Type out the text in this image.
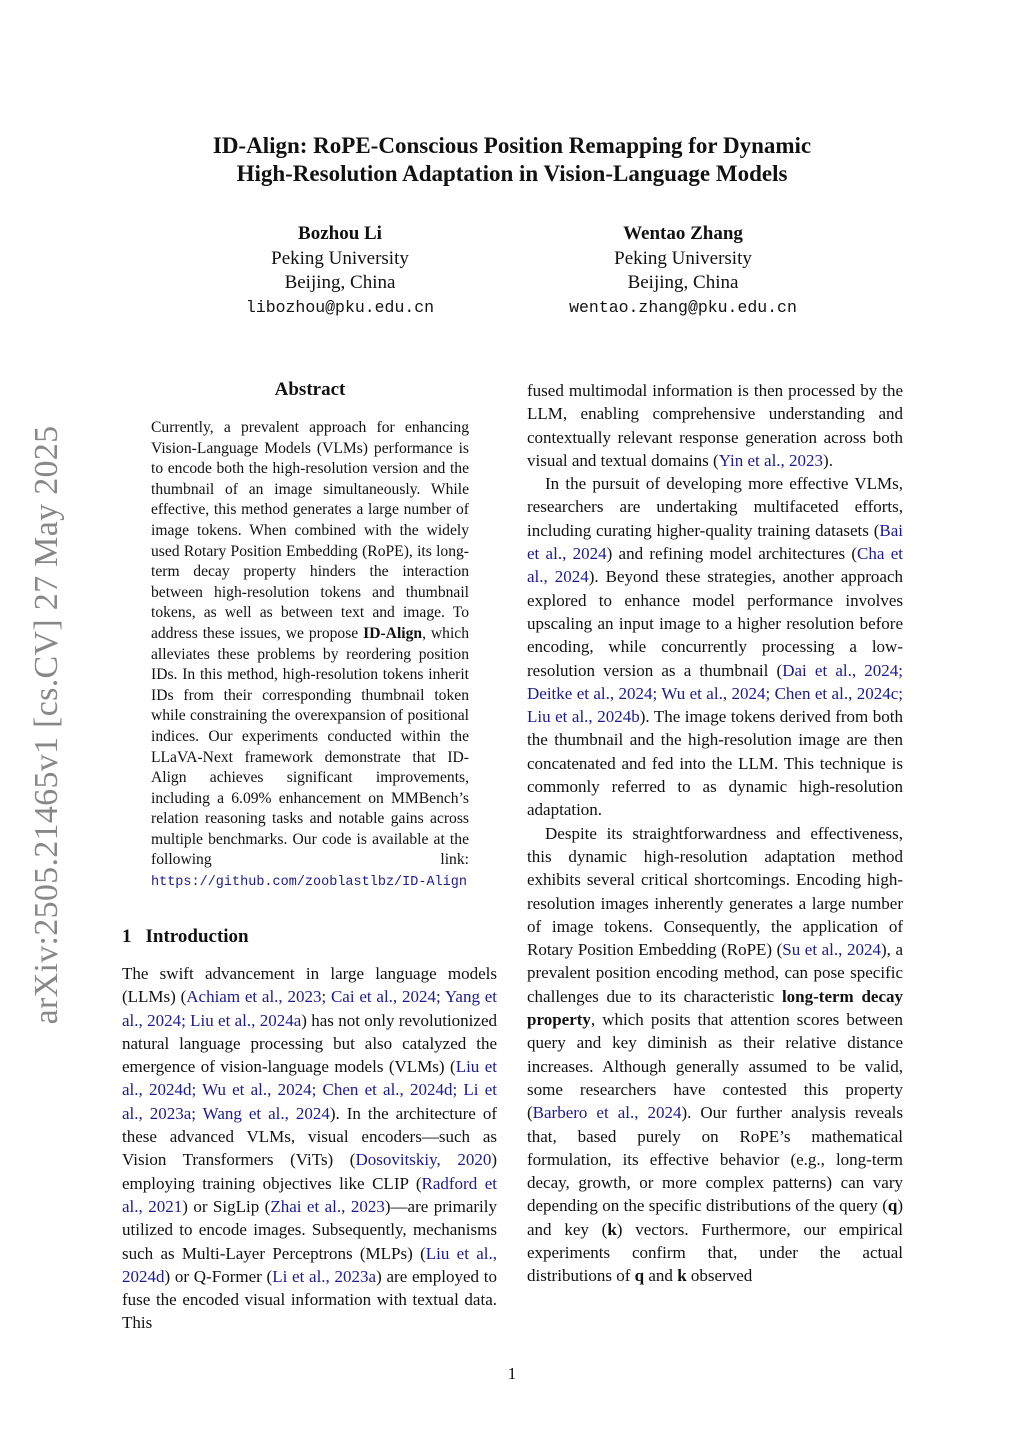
arXiv:2505.21465v1 [cs.CV] 27 May 2025
ID-Align: RoPE-Conscious Position Remapping for Dynamic
High-Resolution Adaptation in Vision-Language Models
Bozhou Li
Peking University
Beijing, China
libozhou@pku.edu.cn
Wentao Zhang
Peking University
Beijing, China
wentao.zhang@pku.edu.cn
Abstract
Currently, a prevalent approach for enhancing Vision-Language Models (VLMs) performance is to encode both the high-resolution version and the thumbnail of an image simultaneously. While effective, this method generates a large number of image tokens. When combined with the widely used Rotary Position Embedding (RoPE), its long-term decay property hinders the interaction between high-resolution tokens and thumbnail tokens, as well as between text and image. To address these issues, we propose ID-Align, which alleviates these problems by reordering position IDs. In this method, high-resolution tokens inherit IDs from their corresponding thumbnail token while constraining the overexpansion of positional indices. Our experiments conducted within the LLaVA-Next framework demonstrate that ID-Align achieves significant improvements, including a 6.09% enhancement on MMBench’s relation reasoning tasks and notable gains across multiple benchmarks. Our code is available at the following link: https://github.com/zooblastlbz/ID-Align
1 Introduction

The swift advancement in large language models (LLMs) (Achiam et al., 2023; Cai et al., 2024; Yang et al., 2024; Liu et al., 2024a) has not only revolutionized natural language processing but also catalyzed the emergence of vision-language models (VLMs) (Liu et al., 2024d; Wu et al., 2024; Chen et al., 2024d; Li et al., 2023a; Wang et al., 2024). In the architecture of these advanced VLMs, visual encoders—such as Vision Transformers (ViTs) (Dosovitskiy, 2020) employing training objectives like CLIP (Radford et al., 2021) or SigLip (Zhai et al., 2023)—are primarily utilized to encode images. Subsequently, mechanisms such as Multi-Layer Perceptrons (MLPs) (Liu et al., 2024d) or Q-Former (Li et al., 2023a) are employed to fuse the encoded visual information with textual data. This

fused multimodal information is then processed by the LLM, enabling comprehensive understanding and contextually relevant response generation across both visual and textual domains (Yin et al., 2023).

In the pursuit of developing more effective VLMs, researchers are undertaking multifaceted efforts, including curating higher-quality training datasets (Bai et al., 2024) and refining model architectures (Cha et al., 2024). Beyond these strategies, another approach explored to enhance model performance involves upscaling an input image to a higher resolution before encoding, while concurrently processing a low-resolution version as a thumbnail (Dai et al., 2024; Deitke et al., 2024; Wu et al., 2024; Chen et al., 2024c; Liu et al., 2024b). The image tokens derived from both the thumbnail and the high-resolution image are then concatenated and fed into the LLM. This technique is commonly referred to as dynamic high-resolution adaptation.

Despite its straightforwardness and effectiveness, this dynamic high-resolution adaptation method exhibits several critical shortcomings. Encoding high-resolution images inherently generates a large number of image tokens. Consequently, the application of Rotary Position Embedding (RoPE) (Su et al., 2024), a prevalent position encoding method, can pose specific challenges due to its characteristic long-term decay property, which posits that attention scores between query and key diminish as their relative distance increases. Although generally assumed to be valid, some researchers have contested this property (Barbero et al., 2024). Our further analysis reveals that, based purely on RoPE’s mathematical formulation, its effective behavior (e.g., long-term decay, growth, or more complex patterns) can vary depending on the specific distributions of the query (q) and key (k) vectors. Furthermore, our empirical experiments confirm that, under the actual distributions of q and k observed

1
